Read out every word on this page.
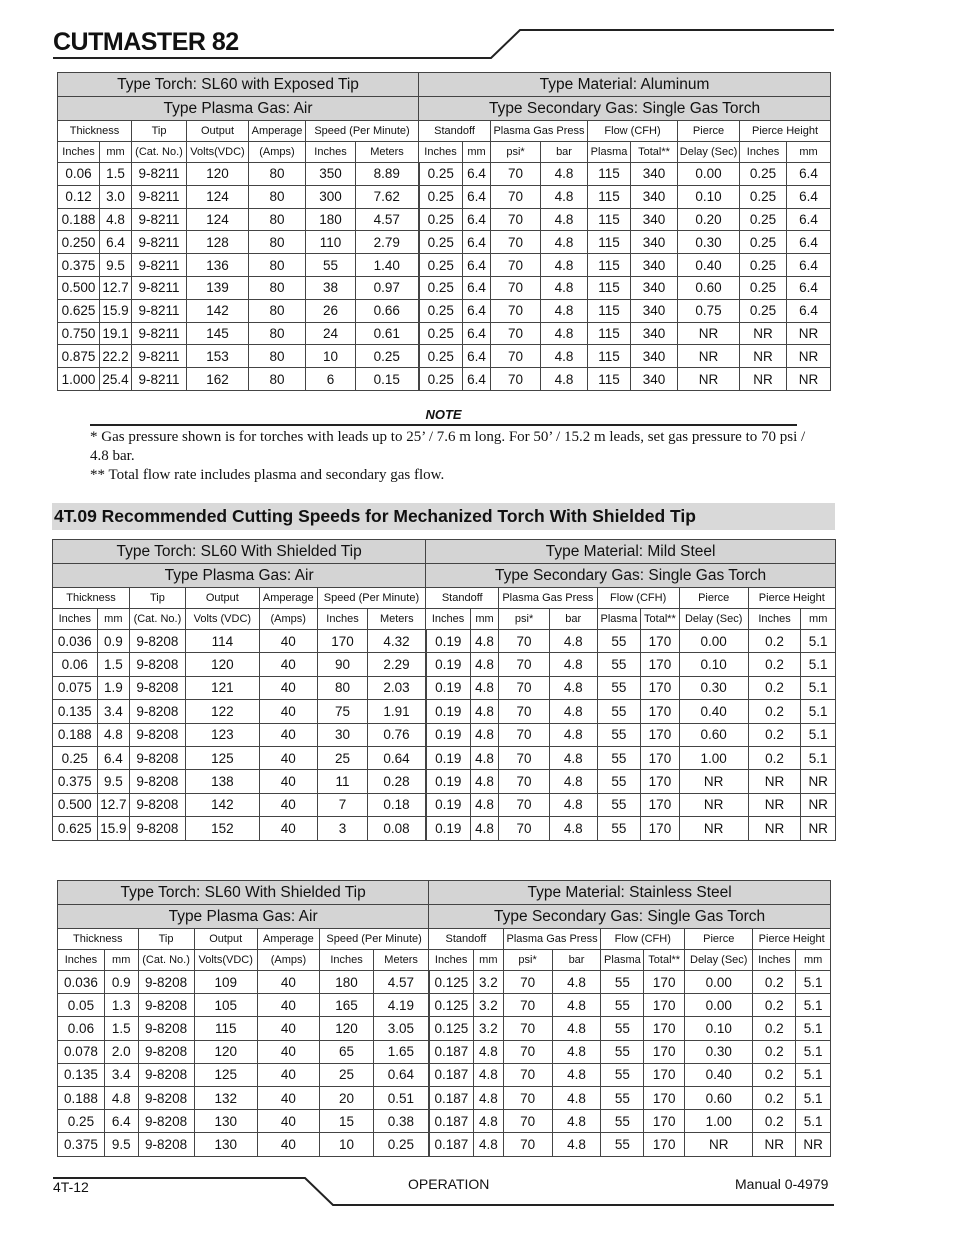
CUTMASTER 82
Type Torch: SL60 with Exposed Tip							Type Material: Aluminum								
Type Plasma Gas: Air							Type Secondary Gas: Single Gas Torch								
Thickness		Tip	Output	Amperage	Speed (Per Minute)		Standoff		Plasma Gas Press		Flow (CFH)		Pierce	Pierce Height	
Inches	mm	(Cat. No.)	Volts(VDC)	(Amps)	Inches	Meters	Inches	mm	psi*	bar	Plasma	Total**	Delay (Sec)	Inches	mm
0.06	1.5	9-8211	120	80	350	8.89	0.25	6.4	70	4.8	115	340	0.00	0.25	6.4
0.12	3.0	9-8211	124	80	300	7.62	0.25	6.4	70	4.8	115	340	0.10	0.25	6.4
0.188	4.8	9-8211	124	80	180	4.57	0.25	6.4	70	4.8	115	340	0.20	0.25	6.4
0.250	6.4	9-8211	128	80	110	2.79	0.25	6.4	70	4.8	115	340	0.30	0.25	6.4
0.375	9.5	9-8211	136	80	55	1.40	0.25	6.4	70	4.8	115	340	0.40	0.25	6.4
0.500	12.7	9-8211	139	80	38	0.97	0.25	6.4	70	4.8	115	340	0.60	0.25	6.4
0.625	15.9	9-8211	142	80	26	0.66	0.25	6.4	70	4.8	115	340	0.75	0.25	6.4
0.750	19.1	9-8211	145	80	24	0.61	0.25	6.4	70	4.8	115	340	NR	NR	NR
0.875	22.2	9-8211	153	80	10	0.25	0.25	6.4	70	4.8	115	340	NR	NR	NR
1.000	25.4	9-8211	162	80	6	0.15	0.25	6.4	70	4.8	115	340	NR	NR	NR
NOTE

* Gas pressure shown is for torches with leads up to 25’ / 7.6 m long. For 50’ / 15.2 m leads, set gas pressure to 70 psi / 4.8 bar.

** Total flow rate includes plasma and secondary gas flow.

4T.09 Recommended Cutting Speeds for Mechanized Torch With Shielded Tip
Type Torch: SL60 With Shielded Tip							Type Material: Mild Steel								
Type Plasma Gas: Air							Type Secondary Gas: Single Gas Torch								
Thickness		Tip	Output	Amperage	Speed (Per Minute)		Standoff		Plasma Gas Press		Flow (CFH)		Pierce	Pierce Height	
Inches	mm	(Cat. No.)	Volts (VDC)	(Amps)	Inches	Meters	Inches	mm	psi*	bar	Plasma	Total**	Delay (Sec)	Inches	mm
0.036	0.9	9-8208	114	40	170	4.32	0.19	4.8	70	4.8	55	170	0.00	0.2	5.1
0.06	1.5	9-8208	120	40	90	2.29	0.19	4.8	70	4.8	55	170	0.10	0.2	5.1
0.075	1.9	9-8208	121	40	80	2.03	0.19	4.8	70	4.8	55	170	0.30	0.2	5.1
0.135	3.4	9-8208	122	40	75	1.91	0.19	4.8	70	4.8	55	170	0.40	0.2	5.1
0.188	4.8	9-8208	123	40	30	0.76	0.19	4.8	70	4.8	55	170	0.60	0.2	5.1
0.25	6.4	9-8208	125	40	25	0.64	0.19	4.8	70	4.8	55	170	1.00	0.2	5.1
0.375	9.5	9-8208	138	40	11	0.28	0.19	4.8	70	4.8	55	170	NR	NR	NR
0.500	12.7	9-8208	142	40	7	0.18	0.19	4.8	70	4.8	55	170	NR	NR	NR
0.625	15.9	9-8208	152	40	3	0.08	0.19	4.8	70	4.8	55	170	NR	NR	NR
Type Torch: SL60 With Shielded Tip							Type Material: Stainless Steel								
Type Plasma Gas: Air							Type Secondary Gas: Single Gas Torch								
Thickness		Tip	Output	Amperage	Speed (Per Minute)		Standoff		Plasma Gas Press		Flow (CFH)		Pierce	Pierce Height	
Inches	mm	(Cat. No.)	Volts(VDC)	(Amps)	Inches	Meters	Inches	mm	psi*	bar	Plasma	Total**	Delay (Sec)	Inches	mm
0.036	0.9	9-8208	109	40	180	4.57	0.125	3.2	70	4.8	55	170	0.00	0.2	5.1
0.05	1.3	9-8208	105	40	165	4.19	0.125	3.2	70	4.8	55	170	0.00	0.2	5.1
0.06	1.5	9-8208	115	40	120	3.05	0.125	3.2	70	4.8	55	170	0.10	0.2	5.1
0.078	2.0	9-8208	120	40	65	1.65	0.187	4.8	70	4.8	55	170	0.30	0.2	5.1
0.135	3.4	9-8208	125	40	25	0.64	0.187	4.8	70	4.8	55	170	0.40	0.2	5.1
0.188	4.8	9-8208	132	40	20	0.51	0.187	4.8	70	4.8	55	170	0.60	0.2	5.1
0.25	6.4	9-8208	130	40	15	0.38	0.187	4.8	70	4.8	55	170	1.00	0.2	5.1
0.375	9.5	9-8208	130	40	10	0.25	0.187	4.8	70	4.8	55	170	NR	NR	NR
4T-12	OPERATION	Manual 0-4979
